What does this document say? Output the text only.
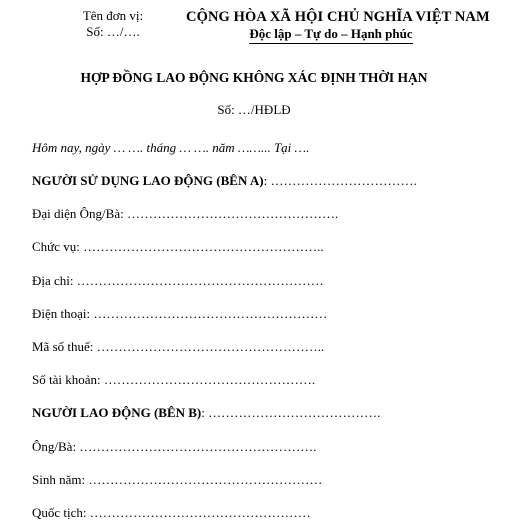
Tên đơn vị:
Số: …/….
CỘNG HÒA XÃ HỘI CHỦ NGHĨA VIỆT NAM
Độc lập – Tự do – Hạnh phúc
HỢP ĐỒNG LAO ĐỘNG KHÔNG XÁC ĐỊNH THỜI HẠN
Số: …/HĐLĐ
Hôm nay, ngày … …. tháng … …. năm ……... Tại ….
NGƯỜI SỬ DỤNG LAO ĐỘNG (BÊN A): …………………………….
Đại diện Ông/Bà: ………………………………………….
Chức vụ: ………………………………………………..
Địa chỉ: …………………………………………………
Điện thoại: ………………………………………………
Mã số thuế: ……………………………………………..
Số tài khoản: ………………………………………….
NGƯỜI LAO ĐỘNG (BÊN B): ………………………………….
Ông/Bà: ……………………………………………….
Sinh năm: ………………………………………………
Quốc tịch: ……………………………………………
